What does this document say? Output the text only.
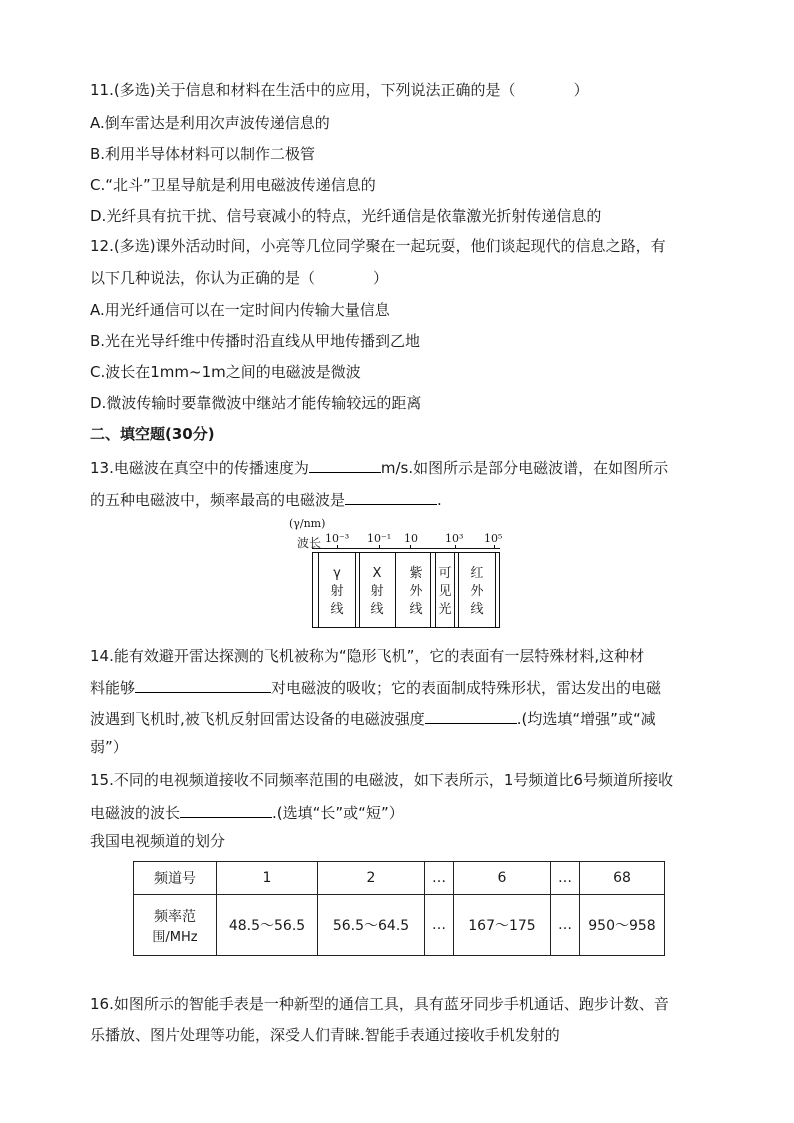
11.(多选)关于信息和材料在生活中的应用，下列说法正确的是（	）
A.倒车雷达是利用次声波传递信息的
B.利用半导体材料可以制作二极管
C.“北斗”卫星导航是利用电磁波传递信息的
D.光纤具有抗干扰、信号衰减小的特点，光纤通信是依靠激光折射传递信息的
12.(多选)课外活动时间，小亮等几位同学聚在一起玩耍，他们谈起现代的信息之路，有
以下几种说法，你认为正确的是（	）
A.用光纤通信可以在一定时间内传输大量信息
B.光在光导纤维中传播时沿直线从甲地传播到乙地
C.波长在1mm~1m之间的电磁波是微波
D.微波传输时要靠微波中继站才能传输较远的距离
二、填空题(30分)
13.电磁波在真空中的传播速度为	m/s.如图所示是部分电磁波谱，在如图所示
的五种电磁波中，频率最高的电磁波是	.
(γ/nm)
波长 10⁻³ 10⁻¹ 10 10³ 10⁵
γ
射
线
X
射
线
紫
外
线
可
见
光
红
外
线
14.能有效避开雷达探测的飞机被称为“隐形飞机”，它的表面有一层特殊材料,这种材
料能够	对电磁波的吸收；它的表面制成特殊形状，雷达发出的电磁
波遇到飞机时,被飞机反射回雷达设备的电磁波强度	.(均选填“增强”或“减
弱”）
15.不同的电视频道接收不同频率范围的电磁波，如下表所示，1号频道比6号频道所接收
电磁波的波长	.(选填“长”或“短”）
我国电视频道的划分
频道号	1	2	…	6	…	68

频率范
围/MHz	48.5～56.5	56.5～64.5	…	167～175	…	950～958
16.如图所示的智能手表是一种新型的通信工具，具有蓝牙同步手机通话、跑步计数、音
乐播放、图片处理等功能，深受人们青睐.智能手表通过接收手机发射的
